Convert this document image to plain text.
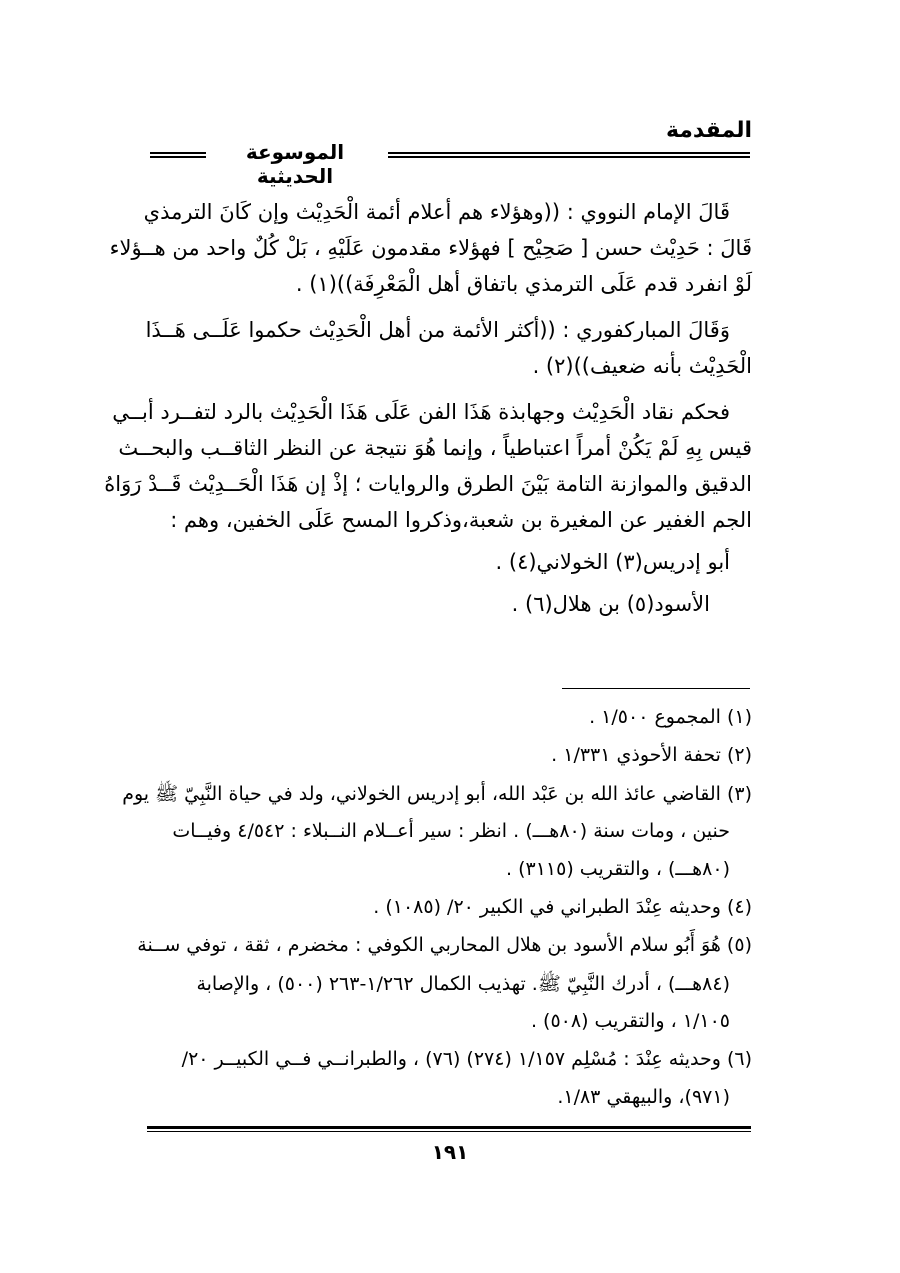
المقدمة
الموسوعة الحديثية
قَالَ الإمام النووي : ((وهؤلاء هم أعلام أئمة الْحَدِيْث وإن كَانَ الترمذي
قَالَ : حَدِيْث حسن [ صَحِيْح ] فهؤلاء مقدمون عَلَيْهِ ، بَلْ كُلٌ واحد من هــؤلاء
لَوْ انفرد قدم عَلَى الترمذي باتفاق أهل الْمَعْرِفَة))(١) .
وَقَالَ المباركفوري : ((أكثر الأئمة من أهل الْحَدِيْث حكموا عَلَــى هَــذَا
الْحَدِيْث بأنه ضعيف))(٢) .
فحكم نقاد الْحَدِيْث وجهابذة هَذَا الفن عَلَى هَذَا الْحَدِيْث بالرد لتفــرد أبــي
قيس بِهِ لَمْ يَكُنْ أمراً اعتباطياً ، وإنما هُوَ نتيجة عن النظر الثاقــب والبحــث
الدقيق والموازنة التامة بَيْنَ الطرق والروايات ؛ إذْ إن هَذَا الْحَــدِيْث قَــدْ رَوَاهُ
الجم الغفير عن المغيرة بن شعبة،وذكروا المسح عَلَى الخفين، وهم :
أبو إدريس(٣) الخولاني(٤) .
الأسود(٥) بن هلال(٦) .
(١) المجموع ١/٥٠٠ .
(٢) تحفة الأحوذي ١/٣٣١ .
(٣) القاضي عائذ الله بن عَبْد الله، أبو إدريس الخولاني، ولد في حياة النَّبِيّ ﷺ يوم
حنين ، ومات سنة (٨٠هـــ) . انظر : سير أعــلام النــبلاء : ٤/٥٤٢ وفيــات
(٨٠هـــ) ، والتقريب (٣١١٥) .
(٤) وحديثه عِنْدَ الطبراني في الكبير ٢٠/ (١٠٨٥) .
(٥) هُوَ أَبُو سلام الأسود بن هلال المحاربي الكوفي : مخضرم ، ثقة ، توفي ســنة
(٨٤هـــ) ، أدرك النَّبِيّ ﷺ. تهذيب الكمال ١/٢٦٢-٢٦٣ (٥٠٠) ، والإصابة
١/١٠٥ ، والتقريب (٥٠٨) .
(٦) وحديثه عِنْدَ : مُسْلِم ١/١٥٧ (٢٧٤) (٧٦) ، والطبرانــي فــي الكبيــر ٢٠/
(٩٧١)، والبيهقي ١/٨٣.
١٩١
